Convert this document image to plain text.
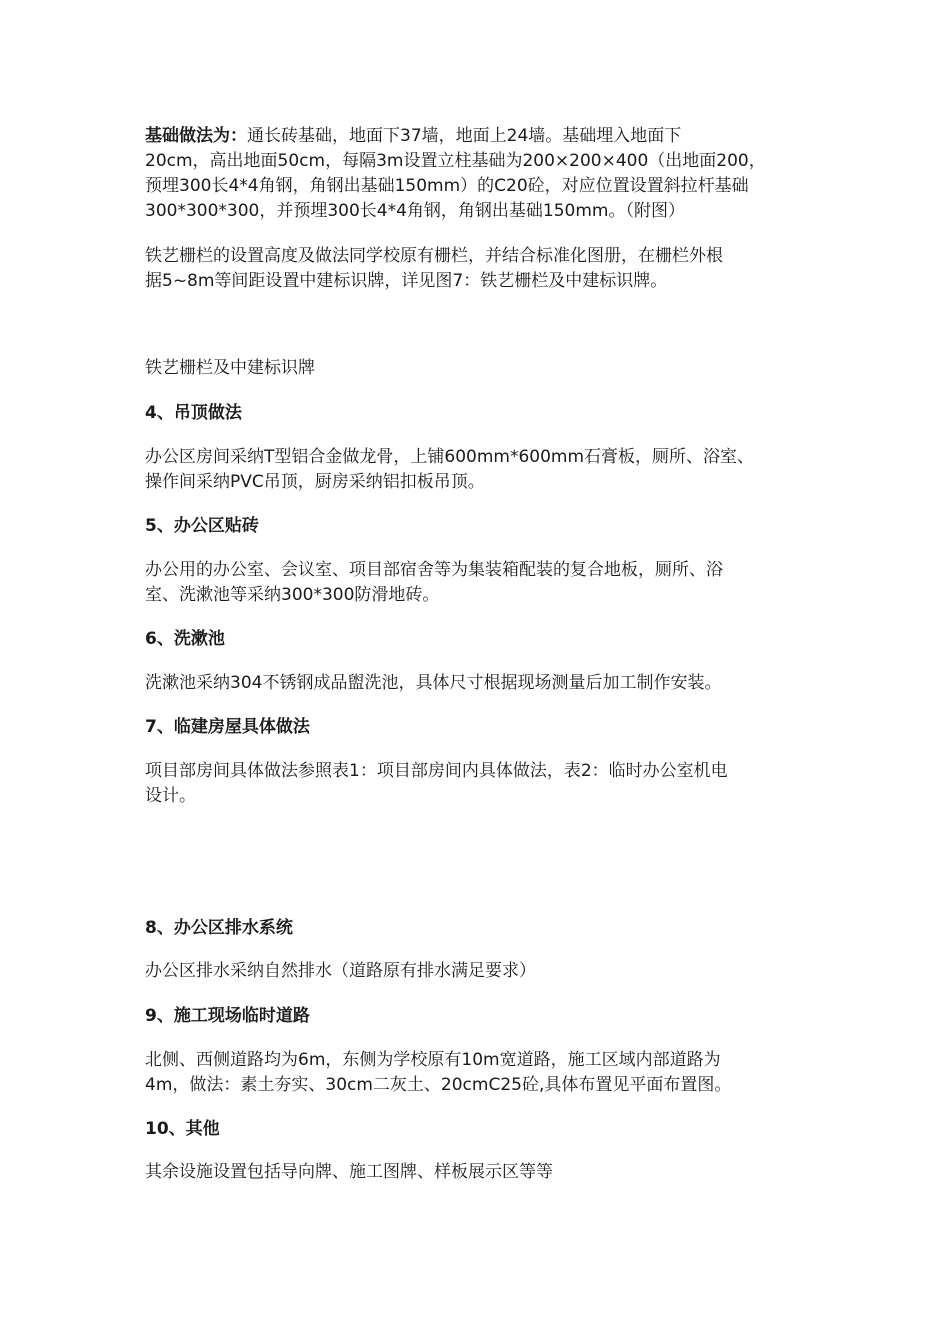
基础做法为：通长砖基础，地面下37墙，地面上24墙。基础埋入地面下
20cm，高出地面50cm，每隔3m设置立柱基础为200×200×400（出地面200，
预埋300长4*4角钢，角钢出基础150mm）的C20砼，对应位置设置斜拉杆基础
300*300*300，并预埋300长4*4角钢，角钢出基础150mm。（附图）

铁艺栅栏的设置高度及做法同学校原有栅栏，并结合标准化图册，在栅栏外根
据5~8m等间距设置中建标识牌，详见图7：铁艺栅栏及中建标识牌。

铁艺栅栏及中建标识牌

4、吊顶做法

办公区房间采纳T型铝合金做龙骨，上铺600mm*600mm石膏板，厕所、浴室、
操作间采纳PVC吊顶，厨房采纳铝扣板吊顶。

5、办公区贴砖

办公用的办公室、会议室、项目部宿舍等为集装箱配装的复合地板，厕所、浴
室、洗漱池等采纳300*300防滑地砖。

6、洗漱池

洗漱池采纳304不锈钢成品盥洗池，具体尺寸根据现场测量后加工制作安装。

7、临建房屋具体做法

项目部房间具体做法参照表1：项目部房间内具体做法，表2：临时办公室机电
设计。

8、办公区排水系统

办公区排水采纳自然排水（道路原有排水满足要求）

9、施工现场临时道路

北侧、西侧道路均为6m，东侧为学校原有10m宽道路，施工区域内部道路为
4m，做法：素土夯实、30cm二灰土、20cmC25砼,具体布置见平面布置图。

10、其他

其余设施设置包括导向牌、施工图牌、样板展示区等等
